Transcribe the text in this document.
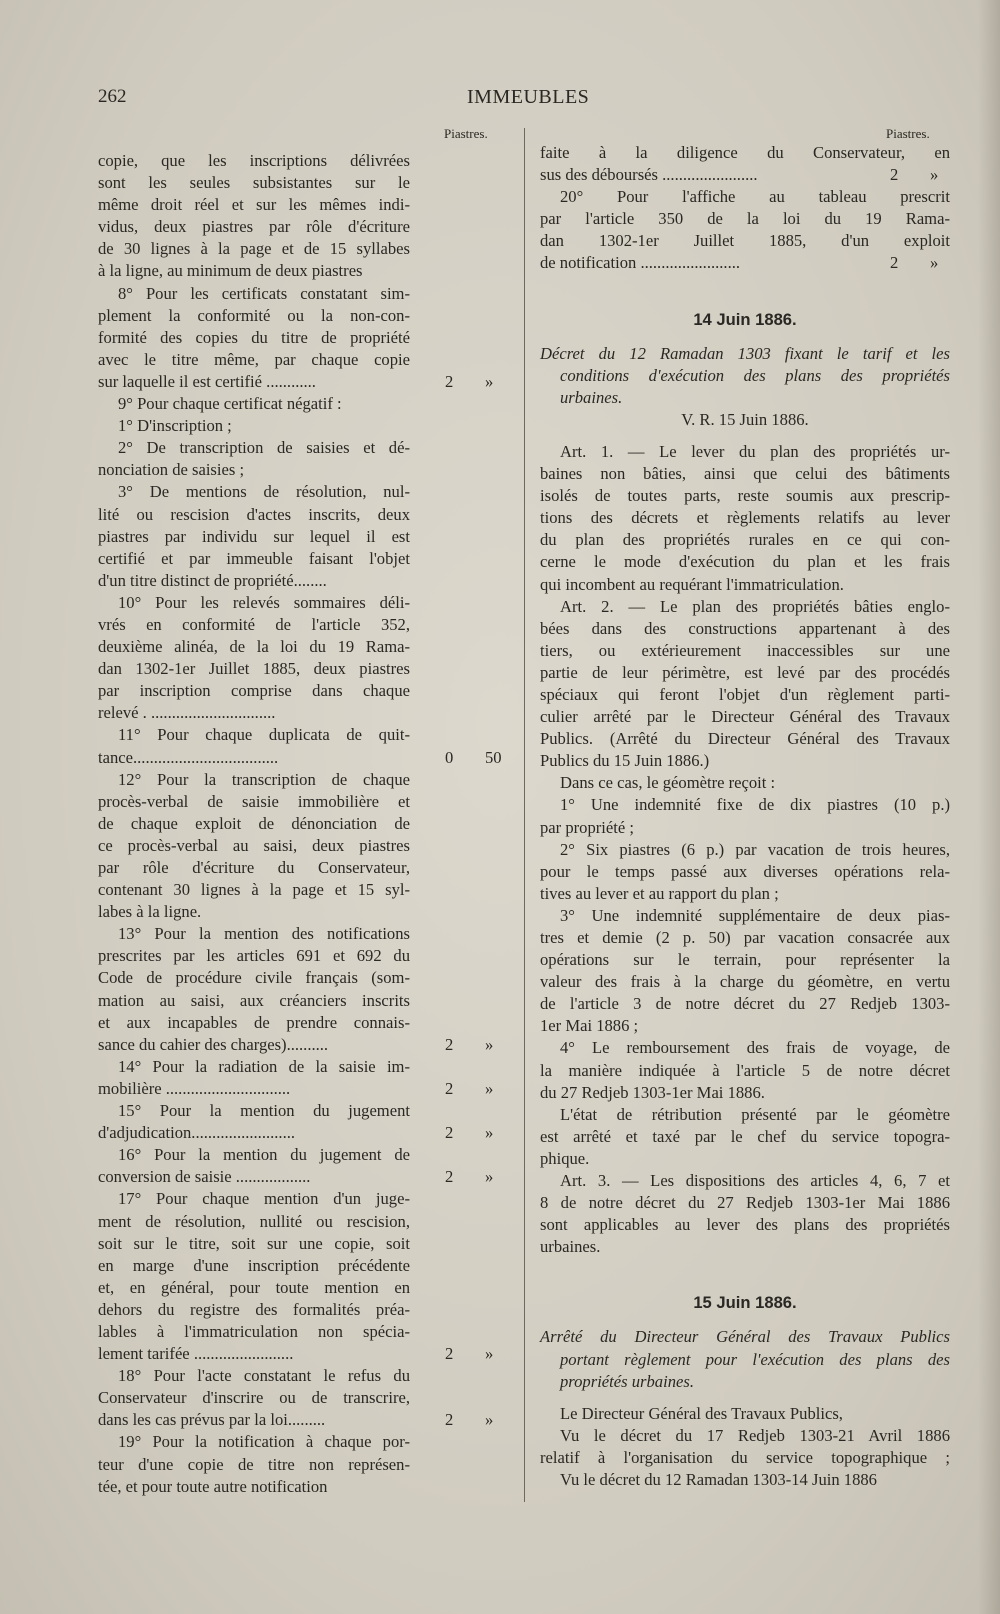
262	IMMEUBLES
Piastres.
copie, que les inscriptions délivrées
sont les seules subsistantes sur le
même droit réel et sur les mêmes indi-
vidus, deux piastres par rôle d'écriture
de 30 lignes à la page et de 15 syllabes
à la ligne, au minimum de deux piastres
8° Pour les certificats constatant sim-
plement la conformité ou la non-con-
formité des copies du titre de propriété
avec le titre même, par chaque copie
sur laquelle il est certifié ............	2 »
9° Pour chaque certificat négatif :
1° D'inscription ;
2° De transcription de saisies et dé-
nonciation de saisies ;
3° De mentions de résolution, nul-
lité ou rescision d'actes inscrits, deux
piastres par individu sur lequel il est
certifié et par immeuble faisant l'objet
d'un titre distinct de propriété........
10° Pour les relevés sommaires déli-
vrés en conformité de l'article 352,
deuxième alinéa, de la loi du 19 Rama-
dan 1302-1er Juillet 1885, deux piastres
par inscription comprise dans chaque
relevé . ..............................
11° Pour chaque duplicata de quit-
tance...................................	0 50
12° Pour la transcription de chaque
procès-verbal de saisie immobilière et
de chaque exploit de dénonciation de
ce procès-verbal au saisi, deux piastres
par rôle d'écriture du Conservateur,
contenant 30 lignes à la page et 15 syl-
labes à la ligne.
13° Pour la mention des notifications
prescrites par les articles 691 et 692 du
Code de procédure civile français (som-
mation au saisi, aux créanciers inscrits
et aux incapables de prendre connais-
sance du cahier des charges)..........	2 »
14° Pour la radiation de la saisie im-
mobilière ..............................	2 »
15° Pour la mention du jugement
d'adjudication.........................	2 »
16° Pour la mention du jugement de
conversion de saisie ..................	2 »
17° Pour chaque mention d'un juge-
ment de résolution, nullité ou rescision,
soit sur le titre, soit sur une copie, soit
en marge d'une inscription précédente
et, en général, pour toute mention en
dehors du registre des formalités préa-
lables à l'immatriculation non spécia-
lement tarifée ........................	2 »
18° Pour l'acte constatant le refus du
Conservateur d'inscrire ou de transcrire,
dans les cas prévus par la loi.........	2 »
19° Pour la notification à chaque por-
teur d'une copie de titre non représen-
tée, et pour toute autre notification
Piastres.
faite à la diligence du Conservateur, en
sus des déboursés .......................	2 »
20° Pour l'affiche au tableau prescrit
par l'article 350 de la loi du 19 Rama-
dan 1302-1er Juillet 1885, d'un exploit
de notification ........................	2 »
14 Juin 1886.
Décret du 12 Ramadan 1303 fixant le tarif et les
conditions d'exécution des plans des propriétés
urbaines.
V. R. 15 Juin 1886.
Art. 1. — Le lever du plan des propriétés ur-
baines non bâties, ainsi que celui des bâtiments
isolés de toutes parts, reste soumis aux prescrip-
tions des décrets et règlements relatifs au lever
du plan des propriétés rurales en ce qui con-
cerne le mode d'exécution du plan et les frais
qui incombent au requérant l'immatriculation.
Art. 2. — Le plan des propriétés bâties englo-
bées dans des constructions appartenant à des
tiers, ou extérieurement inaccessibles sur une
partie de leur périmètre, est levé par des procédés
spéciaux qui feront l'objet d'un règlement parti-
culier arrêté par le Directeur Général des Travaux
Publics. (Arrêté du Directeur Général des Travaux
Publics du 15 Juin 1886.)
Dans ce cas, le géomètre reçoit :
1° Une indemnité fixe de dix piastres (10 p.)
par propriété ;
2° Six piastres (6 p.) par vacation de trois heures,
pour le temps passé aux diverses opérations rela-
tives au lever et au rapport du plan ;
3° Une indemnité supplémentaire de deux pias-
tres et demie (2 p. 50) par vacation consacrée aux
opérations sur le terrain, pour représenter la
valeur des frais à la charge du géomètre, en vertu
de l'article 3 de notre décret du 27 Redjeb 1303-
1er Mai 1886 ;
4° Le remboursement des frais de voyage, de
la manière indiquée à l'article 5 de notre décret
du 27 Redjeb 1303-1er Mai 1886.
L'état de rétribution présenté par le géomètre
est arrêté et taxé par le chef du service topogra-
phique.
Art. 3. — Les dispositions des articles 4, 6, 7 et
8 de notre décret du 27 Redjeb 1303-1er Mai 1886
sont applicables au lever des plans des propriétés
urbaines.
15 Juin 1886.
Arrêté du Directeur Général des Travaux Publics
portant règlement pour l'exécution des plans des
propriétés urbaines.
Le Directeur Général des Travaux Publics,
Vu le décret du 17 Redjeb 1303-21 Avril 1886
relatif à l'organisation du service topographique ;
Vu le décret du 12 Ramadan 1303-14 Juin 1886
